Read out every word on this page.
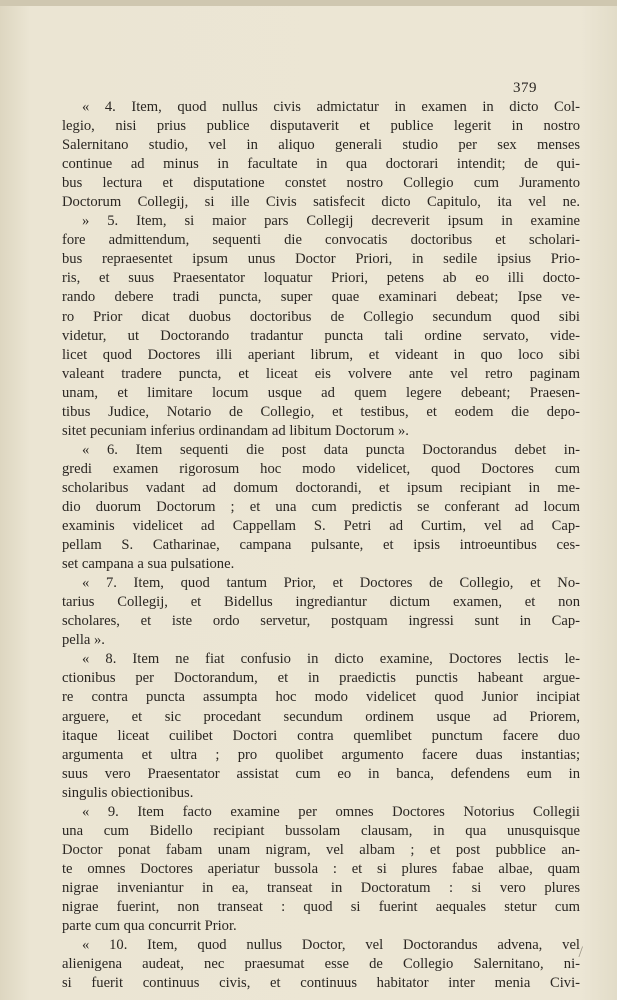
379
« 4. Item, quod nullus civis admictatur in examen in dicto Col-
legio, nisi prius publice disputaverit et publice legerit in nostro
Salernitano studio, vel in aliquo generali studio per sex menses
continue ad minus in facultate in qua doctorari intendit; de qui-
bus lectura et disputatione constet nostro Collegio cum Juramento
Doctorum Collegij, si ille Civis satisfecit dicto Capitulo, ita vel ne.
» 5. Item, si maior pars Collegij decreverit ipsum in examine
fore admittendum, sequenti die convocatis doctoribus et scholari-
bus repraesentet ipsum unus Doctor Priori, in sedile ipsius Prio-
ris, et suus Praesentator loquatur Priori, petens ab eo illi docto-
rando debere tradi puncta, super quae examinari debeat; Ipse ve-
ro Prior dicat duobus doctoribus de Collegio secundum quod sibi
videtur, ut Doctorando tradantur puncta tali ordine servato, vide-
licet quod Doctores illi aperiant librum, et videant in quo loco sibi
valeant tradere puncta, et liceat eis volvere ante vel retro paginam
unam, et limitare locum usque ad quem legere debeant; Praesen-
tibus Judice, Notario de Collegio, et testibus, et eodem die depo-
sitet pecuniam inferius ordinandam ad libitum Doctorum ».
« 6. Item sequenti die post data puncta Doctorandus debet in-
gredi examen rigorosum hoc modo videlicet, quod Doctores cum
scholaribus vadant ad domum doctorandi, et ipsum recipiant in me-
dio duorum Doctorum ; et una cum predictis se conferant ad locum
examinis videlicet ad Cappellam S. Petri ad Curtim, vel ad Cap-
pellam S. Catharinae, campana pulsante, et ipsis introeuntibus ces-
set campana a sua pulsatione.
« 7. Item, quod tantum Prior, et Doctores de Collegio, et No-
tarius Collegij, et Bidellus ingrediantur dictum examen, et non
scholares, et iste ordo servetur, postquam ingressi sunt in Cap-
pella ».
« 8. Item ne fiat confusio in dicto examine, Doctores lectis le-
ctionibus per Doctorandum, et in praedictis punctis habeant argue-
re contra puncta assumpta hoc modo videlicet quod Junior incipiat
arguere, et sic procedant secundum ordinem usque ad Priorem,
itaque liceat cuilibet Doctori contra quemlibet punctum facere duo
argumenta et ultra ; pro quolibet argumento facere duas instantias;
suus vero Praesentator assistat cum eo in banca, defendens eum in
singulis obiectionibus.
« 9. Item facto examine per omnes Doctores Notorius Collegii
una cum Bidello recipiant bussolam clausam, in qua unusquisque
Doctor ponat fabam unam nigram, vel albam ; et post pubblice an-
te omnes Doctores aperiatur bussola : et si plures fabae albae, quam
nigrae inveniantur in ea, transeat in Doctoratum : si vero plures
nigrae fuerint, non transeat : quod si fuerint aequales stetur cum
parte cum qua concurrit Prior.
« 10. Item, quod nullus Doctor, vel Doctorandus advena, vel
alienigena audeat, nec praesumat esse de Collegio Salernitano, ni-
si fuerit continuus civis, et continuus habitator inter menia Civi-
/
